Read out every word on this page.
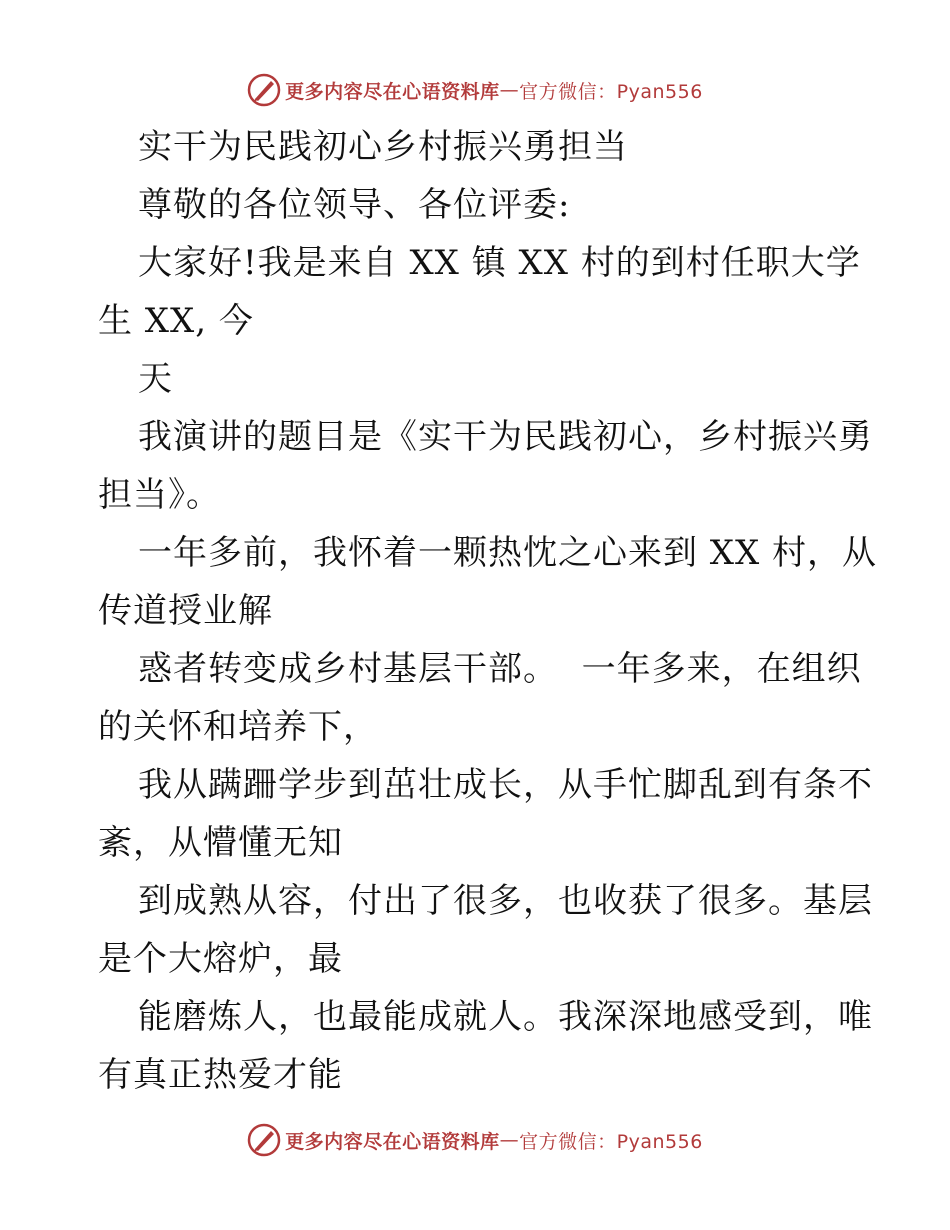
更多内容尽在心语资料库 — 官方微信：Pyan556
实干为民践初心乡村振兴勇担当
尊敬的各位领导、各位评委:
大家好!我是来自 XX 镇 XX 村的到村任职大学
生 XX, 今
天
我演讲的题目是《实干为民践初心，乡村振兴勇
担当》。
一年多前，我怀着一颗热忱之心来到 XX 村，从
传道授业解
惑者转变成乡村基层干部。  一年多来，在组织
的关怀和培养下，
我从蹒跚学步到茁壮成长，从手忙脚乱到有条不
紊，从懵懂无知
到成熟从容，付出了很多，也收获了很多。基层
是个大熔炉，最
能磨炼人，也最能成就人。我深深地感受到，唯
有真正热爱才能
更多内容尽在心语资料库 — 官方微信：Pyan556
